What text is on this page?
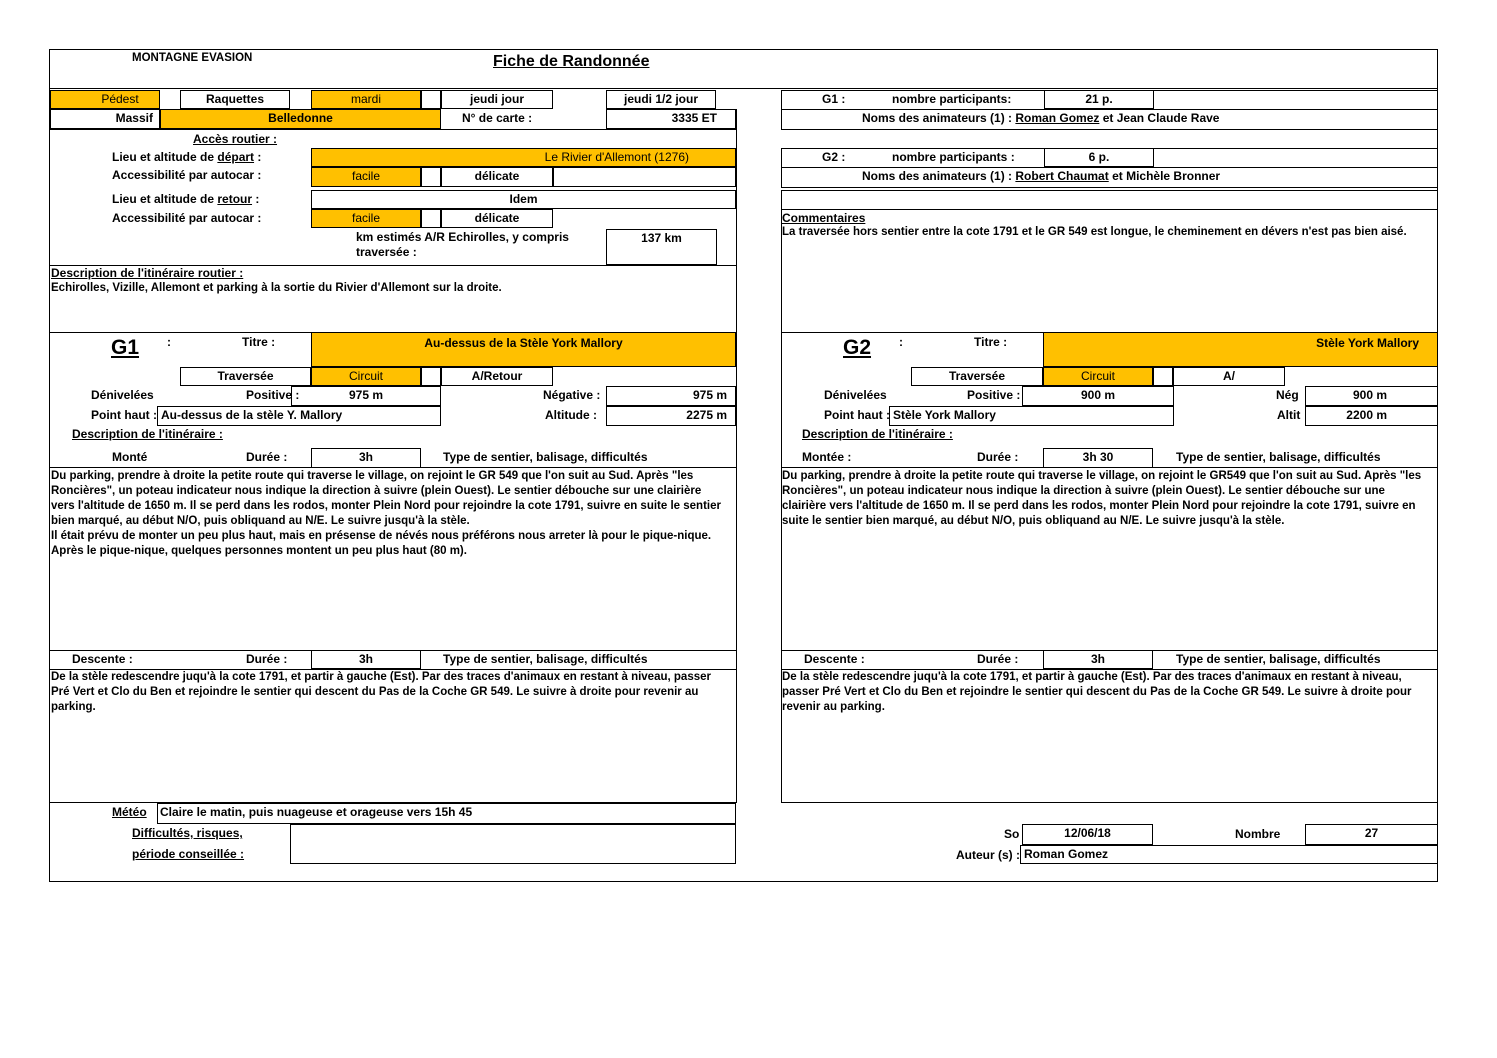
MONTAGNE EVASION	Fiche de Randonnée
Pédest	Raquettes	mardi	jeudi jour	jeudi 1/2 jour
Massif	Belledonne	N° de carte :	3335 ET
Accès routier :
Lieu et altitude de départ :	Le Rivier d'Allemont (1276)
Accessibilité par autocar :	facile	délicate
Lieu et altitude de retour :	Idem
Accessibilité par autocar :	facile	délicate
km estimés A/R Echirolles, y compris traversée :
137 km
Description de l'itinéraire routier :
Echirolles, Vizille, Allemont et parking à la sortie du Rivier d'Allemont sur la droite.
G1 :	Titre :	Au-dessus de la Stèle York Mallory
Traversée	Circuit	A/Retour
Dénivelées	Positive :	975 m	Négative :	975 m
Point haut : Au-dessus de la stèle Y. Mallory	Altitude :	2275 m
Description de l'itinéraire :
Monté	Durée :	3h	Type de sentier, balisage, difficultés
Du parking, prendre à droite la petite route qui traverse le village, on rejoint le GR 549 que l'on suit au Sud. Après "les Roncières", un poteau indicateur nous indique la direction à suivre (plein Ouest). Le sentier débouche sur une clairière vers l'altitude de 1650 m. Il se perd dans les rodos, monter Plein Nord pour rejoindre la cote 1791, suivre en suite le sentier bien marqué, au début N/O, puis obliquand au N/E. Le suivre jusqu'à la stèle.
Il était prévu de monter un peu plus haut, mais en présense de névés nous préférons nous arreter là pour le pique-nique.
Après le pique-nique, quelques personnes montent un peu plus haut (80 m).
Descente :	Durée :	3h	Type de sentier, balisage, difficultés
De la stèle redescendre juqu'à la cote 1791, et partir à gauche (Est). Par des traces d'animaux en restant à niveau, passer Pré Vert et Clo du Ben et rejoindre le sentier qui descent du Pas de la Coche GR 549. Le suivre à droite pour revenir au parking.
Météo Claire le matin, puis nuageuse et orageuse vers 15h 45
Difficultés, risques,
période conseillée :
G1 :	nombre participants:	21 p.
Noms des animateurs (1) : Roman Gomez et Jean Claude Rave
G2 :	nombre participants :	6 p.
Noms des animateurs (1) : Robert Chaumat et Michèle Bronner
Commentaires
La traversée hors sentier entre la cote 1791 et le GR 549 est longue, le cheminement en dévers n'est pas bien aisé.
G2 :	Titre :	Stèle York Mallory
Traversée	Circuit	A/
Dénivelées	Positive :	900 m	Nég	900 m
Point haut : Stèle York Mallory	Altit	2200 m
Description de l'itinéraire :
Montée :	Durée :	3h 30	Type de sentier, balisage, difficultés
Du parking, prendre à droite la petite route qui traverse le village, on rejoint le GR549 que l'on suit au Sud. Après "les Roncières", un poteau indicateur nous indique la direction à suivre (plein Ouest). Le sentier débouche sur une clairière vers l'altitude de 1650 m. Il se perd dans les rodos, monter Plein Nord pour rejoindre la cote 1791, suivre en suite le sentier bien marqué, au début N/O, puis obliquand au N/E. Le suivre jusqu'à la stèle.
Descente :	Durée :	3h	Type de sentier, balisage, difficultés
De la stèle redescendre juqu'à la cote 1791, et partir à gauche (Est). Par des traces d'animaux en restant à niveau, passer Pré Vert et Clo du Ben et rejoindre le sentier qui descent du Pas de la Coche GR 549. Le suivre à droite pour revenir au parking.
So	12/06/18	Nombre	27
Auteur (s) : Roman Gomez
